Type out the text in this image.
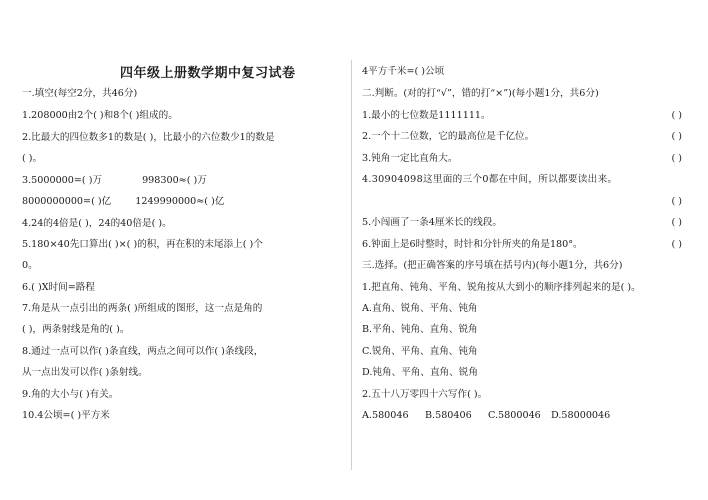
四年级上册数学期中复习试卷
一.填空(每空2分，共46分)
1.208000由2个( )和8个( )组成的。
2.比最大的四位数多1的数是( )，比最小的六位数少1的数是
( )。
3.5000000=( )万	998300≈( )万
8000000000=( )亿	1249990000≈( )亿
4.24的4倍是( )，24的40倍是( )。
5.180×40先口算出( )×( )的积，再在积的末尾添上( )个
0。
6.( )X时间=路程
7.角是从一点引出的两条( )所组成的图形，这一点是角的
( )，两条射线是角的( )。
8.通过一点可以作( )条直线，两点之间可以作( )条线段，
从一点出发可以作( )条射线。
9.角的大小与( )有关。
10.4公顷=( )平方米
4平方千米=( )公顷
二.判断。(对的打“√”，错的打“×”)(每小题1分，共6分)
1.最小的七位数是1111111。	( )
2.一个十二位数，它的最高位是千亿位。	( )
3.钝角一定比直角大。	( )
4.30904098这里面的三个0都在中间，所以都要读出来。
( )
5.小闯画了一条4厘米长的线段。	( )
6.钟面上是6时整时，时针和分针所夹的角是180°。	( )
三.选择。(把正确答案的序号填在括号内)(每小题1分，共6分)
1.把直角、钝角、平角、锐角按从大到小的顺序排列起来的是( )。
A.直角、锐角、平角、钝角
B.平角、钝角、直角、锐角
C.锐角、平角、直角、钝角
D.钝角、平角、直角、锐角
2.五十八万零四十六写作( )。
A.580046 B.580406 C.5800046 D.58000046
